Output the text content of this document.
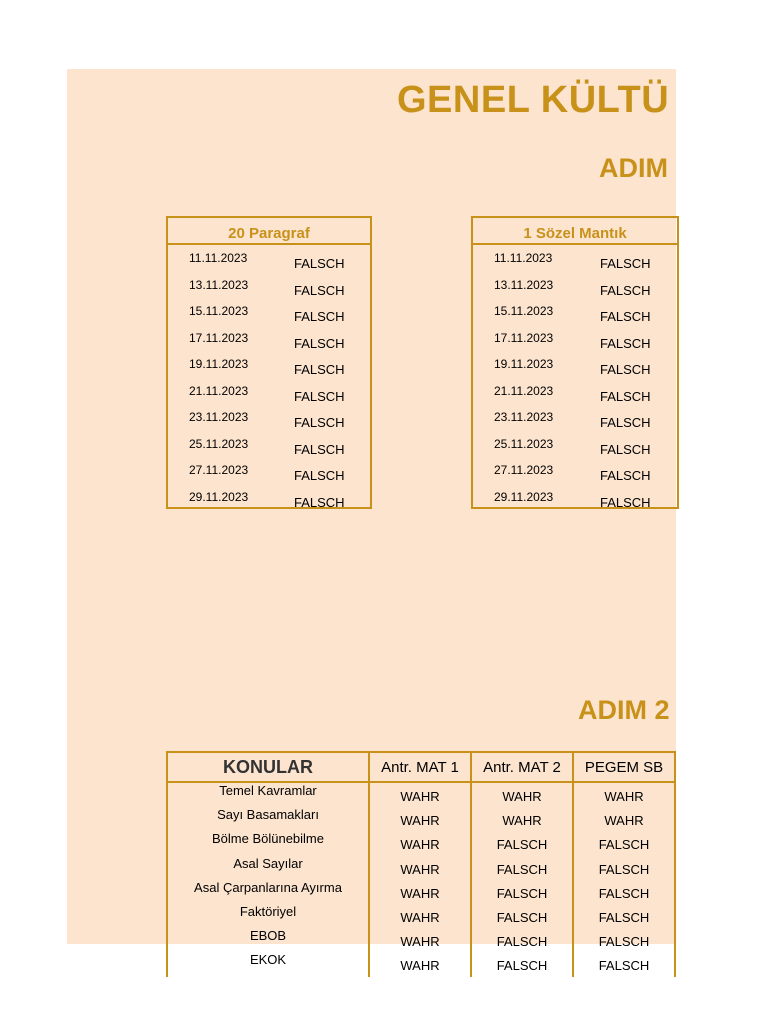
GENEL KÜLTÜ
ADIM
20 Paragraf
11.11.2023	FALSCH
13.11.2023	FALSCH
15.11.2023	FALSCH
17.11.2023	FALSCH
19.11.2023	FALSCH
21.11.2023	FALSCH
23.11.2023	FALSCH
25.11.2023	FALSCH
27.11.2023	FALSCH
29.11.2023	FALSCH
1 Sözel Mantık
11.11.2023	FALSCH
13.11.2023	FALSCH
15.11.2023	FALSCH
17.11.2023	FALSCH
19.11.2023	FALSCH
21.11.2023	FALSCH
23.11.2023	FALSCH
25.11.2023	FALSCH
27.11.2023	FALSCH
29.11.2023	FALSCH
ADIM 2
KONULAR	Antr. MAT 1	Antr. MAT 2	PEGEM SB
Temel Kavramlar	WAHR	WAHR	WAHR
Sayı Basamakları	WAHR	WAHR	WAHR
Bölme Bölünebilme	WAHR	FALSCH	FALSCH
Asal Sayılar	WAHR	FALSCH	FALSCH
Asal Çarpanlarına Ayırma	WAHR	FALSCH	FALSCH
Faktöriyel	WAHR	FALSCH	FALSCH
EBOB	WAHR	FALSCH	FALSCH
EKOK	WAHR	FALSCH	FALSCH
